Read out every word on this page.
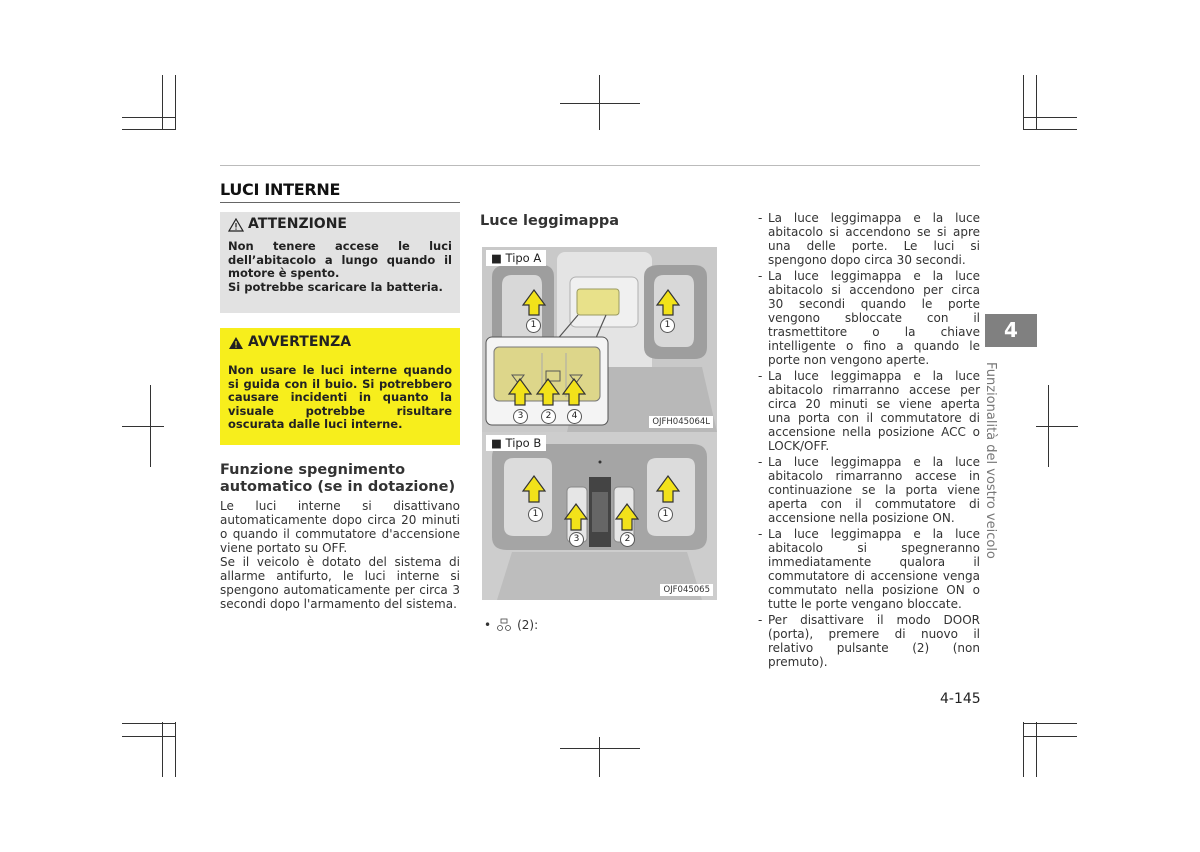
LUCI INTERNE
ATTENZIONE
Non tenere accese le luci dell’abitacolo a lungo quando il motore è spento.
Si potrebbe scaricare la batteria.
AVVERTENZA
Non usare le luci interne quando si guida con il buio. Si potrebbero causare incidenti in quanto la visuale potrebbe risultare oscurata dalle luci interne.
Funzione spegnimento automatico (se in dotazione)
Le luci interne si disattivano automaticamente dopo circa 20 minuti o quando il commutatore d'accensione viene portato su OFF.
Se il veicolo è dotato del sistema di allarme antifurto, le luci interne si spengono automaticamente per circa 3 secondi dopo l'armamento del sistema.
Luce leggimappa
■ Tipo A
1	1
3	2	4
OJFH045064L
■ Tipo B
1	1
3	2
OJF045065
• (2):
- La luce leggimappa e la luce abitacolo si accendono se si apre una delle porte. Le luci si spengono dopo circa 30 secondi.
- La luce leggimappa e la luce abitacolo si accendono per circa 30 secondi quando le porte vengono sbloccate con il trasmettitore o la chiave intelligente o fino a quando le porte non vengono aperte.
- La luce leggimappa e la luce abitacolo rimarranno accese per circa 20 minuti se viene aperta una porta con il commutatore di accensione nella posizione ACC o LOCK/OFF.
- La luce leggimappa e la luce abitacolo rimarranno accese in continuazione se la porta viene aperta con il commutatore di accensione nella posizione ON.
- La luce leggimappa e la luce abitacolo si spegneranno immediatamente qualora il commutatore di accensione venga commutato nella posizione ON o tutte le porte vengano bloccate.
- Per disattivare il modo DOOR (porta), premere di nuovo il relativo pulsante (2) (non premuto).
4
Funzionalità del vostro veicolo
4-145
